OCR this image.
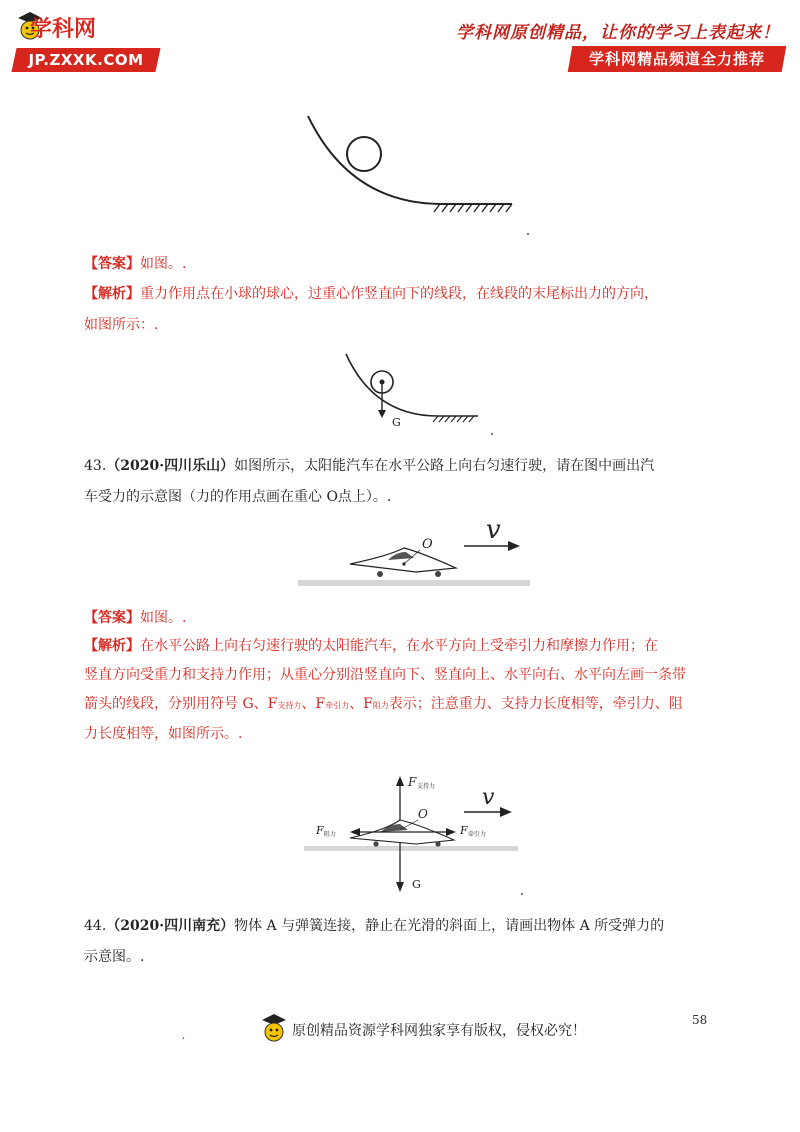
学科网
JP.ZXXK.COM
学科网原创精品，让你的学习上表起来！
学科网精品频道全力推荐
【答案】如图。.
【解析】重力作用点在小球的球心，过重心作竖直向下的线段，在线段的末尾标出力的方向，
如图所示：.
G
43.（2020·四川乐山）如图所示，太阳能汽车在水平公路上向右匀速行驶，请在图中画出汽
车受力的示意图（力的作用点画在重心 O点上）。.
O v
【答案】如图。.
【解析】在水平公路上向右匀速行驶的太阳能汽车，在水平方向上受牵引力和摩擦力作用；在
竖直方向受重力和支持力作用；从重心分别沿竖直向下、竖直向上、水平向右、水平向左画一条带
箭头的线段，分别用符号 G、F支持力、F牵引力、F阻力表示；注意重力、支持力长度相等，牵引力、阻
力长度相等，如图所示。.
F 支持力
G
F 阻力	F 牵引力
O
v
44.（2020·四川南充）物体 A 与弹簧连接，静止在光滑的斜面上，请画出物体 A 所受弹力的
示意图。.
原创精品资源学科网独家享有版权，侵权必究！
58
,
